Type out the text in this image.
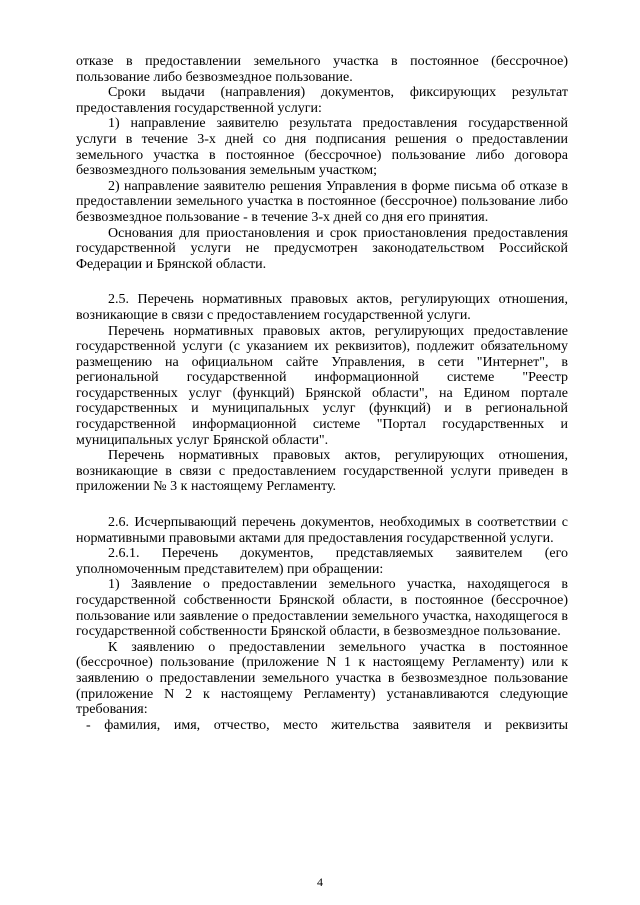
отказе в предоставлении земельного участка в постоянное (бессрочное) пользование либо безвозмездное пользование.

Сроки выдачи (направления) документов, фиксирующих результат предоставления государственной услуги:

1) направление заявителю результата предоставления государственной услуги в течение 3-х дней со дня подписания решения о предоставлении земельного участка в постоянное (бессрочное) пользование либо договора безвозмездного пользования земельным участком;

2) направление заявителю решения Управления в форме письма об отказе в предоставлении земельного участка в постоянное (бессрочное) пользование либо безвозмездное пользование - в течение 3-х дней со дня его принятия.

Основания для приостановления и срок приостановления предоставления государственной услуги не предусмотрен законодательством Российской Федерации и Брянской области.

2.5. Перечень нормативных правовых актов, регулирующих отношения, возникающие в связи с предоставлением государственной услуги.

Перечень нормативных правовых актов, регулирующих предоставление государственной услуги (с указанием их реквизитов), подлежит обязательному размещению на официальном сайте Управления, в сети "Интернет", в региональной государственной информационной системе "Реестр государственных услуг (функций) Брянской области", на Едином портале государственных и муниципальных услуг (функций) и в региональной государственной информационной системе "Портал государственных и муниципальных услуг Брянской области".

Перечень нормативных правовых актов, регулирующих отношения, возникающие в связи с предоставлением государственной услуги приведен в приложении № 3 к настоящему Регламенту.

2.6. Исчерпывающий перечень документов, необходимых в соответствии с нормативными правовыми актами для предоставления государственной услуги.

2.6.1. Перечень документов, представляемых заявителем (его уполномоченным представителем) при обращении:

1) Заявление о предоставлении земельного участка, находящегося в государственной собственности Брянской области, в постоянное (бессрочное) пользование или заявление о предоставлении земельного участка, находящегося в государственной собственности Брянской области, в безвозмездное пользование.

К заявлению о предоставлении земельного участка в постоянное (бессрочное) пользование (приложение N 1 к настоящему Регламенту) или к заявлению о предоставлении земельного участка в безвозмездное пользование (приложение N 2 к настоящему Регламенту) устанавливаются следующие требования:

- фамилия, имя, отчество, место жительства заявителя и реквизиты

4
